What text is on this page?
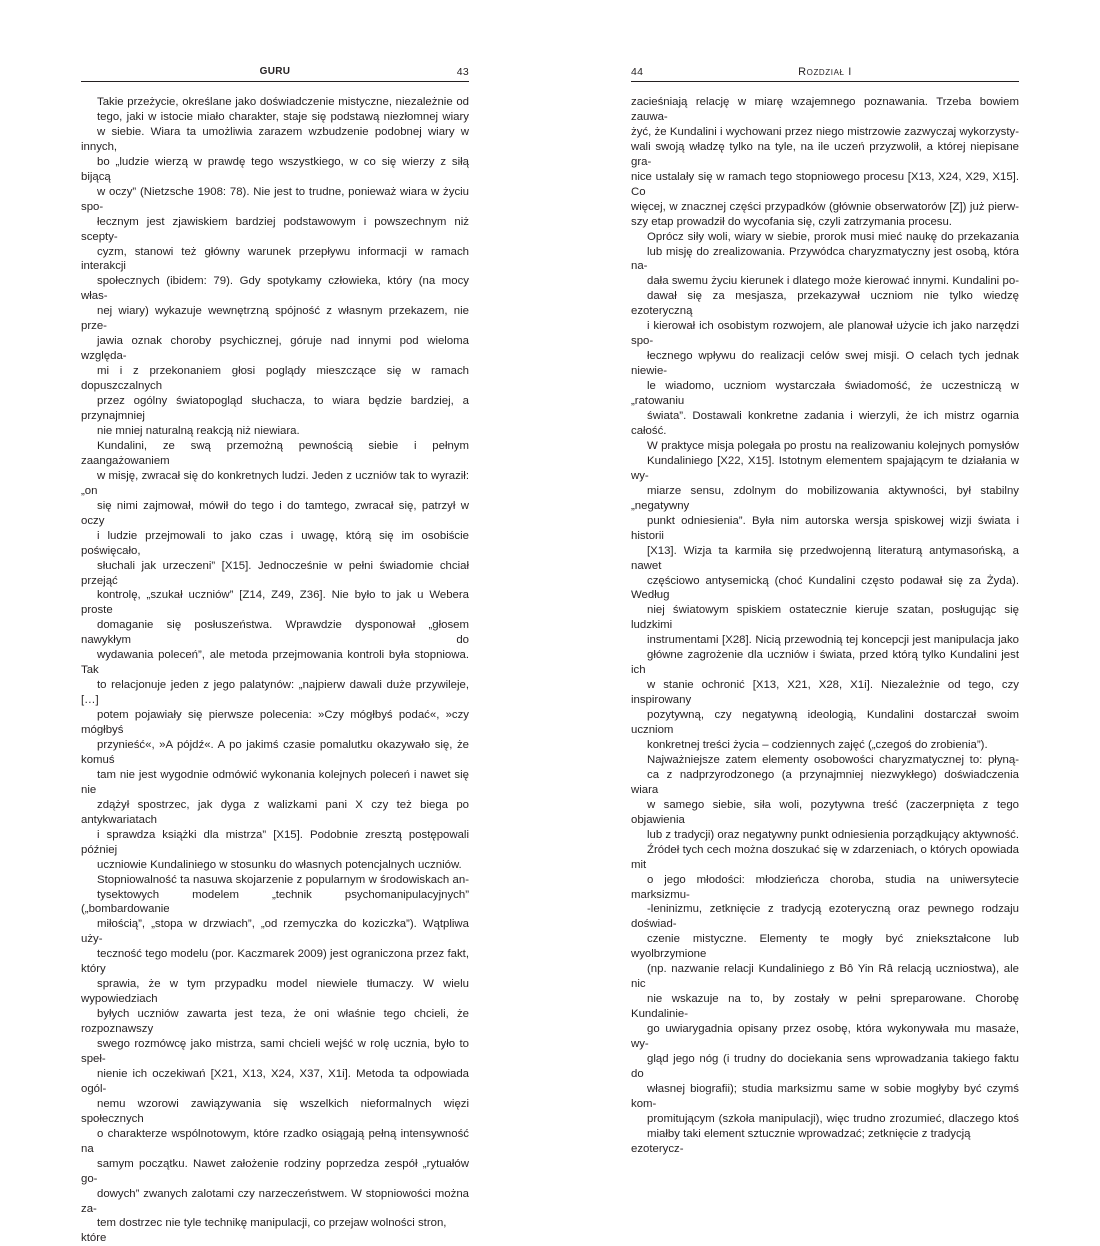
GURU	43

Takie przeżycie, określane jako doświadczenie mistyczne, niezależnie od
tego, jaki w istocie miało charakter, staje się podstawą niezłomnej wiary
w siebie. Wiara ta umożliwia zarazem wzbudzenie podobnej wiary w innych,
bo „ludzie wierzą w prawdę tego wszystkiego, w co się wierzy z siłą bijącą
w oczy” (Nietzsche 1908: 78). Nie jest to trudne, ponieważ wiara w życiu spo-
łecznym jest zjawiskiem bardziej podstawowym i powszechnym niż scepty-
cyzm, stanowi też główny warunek przepływu informacji w ramach interakcji
społecznych (ibidem: 79). Gdy spotykamy człowieka, który (na mocy włas-
nej wiary) wykazuje wewnętrzną spójność z własnym przekazem, nie prze-
jawia oznak choroby psychicznej, góruje nad innymi pod wieloma względa-
mi i z przekonaniem głosi poglądy mieszczące się w ramach dopuszczalnych
przez ogólny światopogląd słuchacza, to wiara będzie bardziej, a przynajmniej
nie mniej naturalną reakcją niż niewiara.

Kundalini, ze swą przemożną pewnością siebie i pełnym zaangażowaniem
w misję, zwracał się do konkretnych ludzi. Jeden z uczniów tak to wyraził: „on
się nimi zajmował, mówił do tego i do tamtego, zwracał się, patrzył w oczy
i ludzie przejmowali to jako czas i uwagę, którą się im osobiście poświęcało,
słuchali jak urzeczeni” [X15]. Jednocześnie w pełni świadomie chciał przejąć
kontrolę, „szukał uczniów” [Z14, Z49, Z36]. Nie było to jak u Webera proste
domaganie się posłuszeństwa. Wprawdzie dysponował „głosem nawykłym do
wydawania poleceń”, ale metoda przejmowania kontroli była stopniowa. Tak
to relacjonuje jeden z jego palatynów: „najpierw dawali duże przywileje, […]
potem pojawiały się pierwsze polecenia: »Czy mógłbyś podać«, »czy mógłbyś
przynieść«, »A pójdź«. A po jakimś czasie pomalutku okazywało się, że komuś
tam nie jest wygodnie odmówić wykonania kolejnych poleceń i nawet się nie
zdążył spostrzec, jak dyga z walizkami pani X czy też biega po antykwariatach
i sprawdza książki dla mistrza” [X15]. Podobnie zresztą postępowali później
uczniowie Kundaliniego w stosunku do własnych potencjalnych uczniów.

Stopniowalność ta nasuwa skojarzenie z popularnym w środowiskach an-
tysektowych modelem „technik psychomanipulacyjnych” („bombardowanie
miłością”, „stopa w drzwiach”, „od rzemyczka do koziczka”). Wątpliwa uży-
teczność tego modelu (por. Kaczmarek 2009) jest ograniczona przez fakt, który
sprawia, że w tym przypadku model niewiele tłumaczy. W wielu wypowiedziach
byłych uczniów zawarta jest teza, że oni właśnie tego chcieli, że rozpoznawszy
swego rozmówcę jako mistrza, sami chcieli wejść w rolę ucznia, było to speł-
nienie ich oczekiwań [X21, X13, X24, X37, X1i]. Metoda ta odpowiada ogól-
nemu wzorowi zawiązywania się wszelkich nieformalnych więzi społecznych
o charakterze wspólnotowym, które rzadko osiągają pełną intensywność na
samym początku. Nawet założenie rodziny poprzedza zespół „rytuałów go-
dowych” zwanych zalotami czy narzeczeństwem. W stopniowości można za-
tem dostrzec nie tyle technikę manipulacji, co przejaw wolności stron, które

44	Rozdział I

zacieśniają relację w miarę wzajemnego poznawania. Trzeba bowiem zauwa-
żyć, że Kundalini i wychowani przez niego mistrzowie zazwyczaj wykorzysty-
wali swoją władzę tylko na tyle, na ile uczeń przyzwolił, a której niepisane gra-
nice ustalały się w ramach tego stopniowego procesu [X13, X24, X29, X15]. Co
więcej, w znacznej części przypadków (głównie obserwatorów [Z]) już pierw-
szy etap prowadził do wycofania się, czyli zatrzymania procesu.

Oprócz siły woli, wiary w siebie, prorok musi mieć naukę do przekazania
lub misję do zrealizowania. Przywódca charyzmatyczny jest osobą, która na-
dała swemu życiu kierunek i dlatego może kierować innymi. Kundalini po-
dawał się za mesjasza, przekazywał uczniom nie tylko wiedzę ezoteryczną
i kierował ich osobistym rozwojem, ale planował użycie ich jako narzędzi spo-
łecznego wpływu do realizacji celów swej misji. O celach tych jednak niewie-
le wiadomo, uczniom wystarczała świadomość, że uczestniczą w „ratowaniu
świata”. Dostawali konkretne zadania i wierzyli, że ich mistrz ogarnia całość.
W praktyce misja polegała po prostu na realizowaniu kolejnych pomysłów
Kundaliniego [X22, X15]. Istotnym elementem spajającym te działania w wy-
miarze sensu, zdolnym do mobilizowania aktywności, był stabilny „negatywny
punkt odniesienia”. Była nim autorska wersja spiskowej wizji świata i historii
[X13]. Wizja ta karmiła się przedwojenną literaturą antymasońską, a nawet
częściowo antysemicką (choć Kundalini często podawał się za Żyda). Według
niej światowym spiskiem ostatecznie kieruje szatan, posługując się ludzkimi
instrumentami [X28]. Nicią przewodnią tej koncepcji jest manipulacja jako
główne zagrożenie dla uczniów i świata, przed którą tylko Kundalini jest ich
w stanie ochronić [X13, X21, X28, X1i]. Niezależnie od tego, czy inspirowany
pozytywną, czy negatywną ideologią, Kundalini dostarczał swoim uczniom
konkretnej treści życia – codziennych zajęć („czegoś do zrobienia”).

Najważniejsze zatem elementy osobowości charyzmatycznej to: płyną-
ca z nadprzyrodzonego (a przynajmniej niezwykłego) doświadczenia wiara
w samego siebie, siła woli, pozytywna treść (zaczerpnięta z tego objawienia
lub z tradycji) oraz negatywny punkt odniesienia porządkujący aktywność.
Źródeł tych cech można doszukać się w zdarzeniach, o których opowiada mit
o jego młodości: młodzieńcza choroba, studia na uniwersytecie marksizmu-
-leninizmu, zetknięcie z tradycją ezoteryczną oraz pewnego rodzaju doświad-
czenie mistyczne. Elementy te mogły być zniekształcone lub wyolbrzymione
(np. nazwanie relacji Kundaliniego z Bô Yin Râ relacją uczniostwa), ale nic
nie wskazuje na to, by zostały w pełni spreparowane. Chorobę Kundalinie-
go uwiarygadnia opisany przez osobę, która wykonywała mu masaże, wy-
gląd jego nóg (i trudny do dociekania sens wprowadzania takiego faktu do
własnej biografii); studia marksizmu same w sobie mogłyby być czymś kom-
promitującym (szkoła manipulacji), więc trudno zrozumieć, dlaczego ktoś
miałby taki element sztucznie wprowadzać; zetknięcie z tradycją ezoterycz-
